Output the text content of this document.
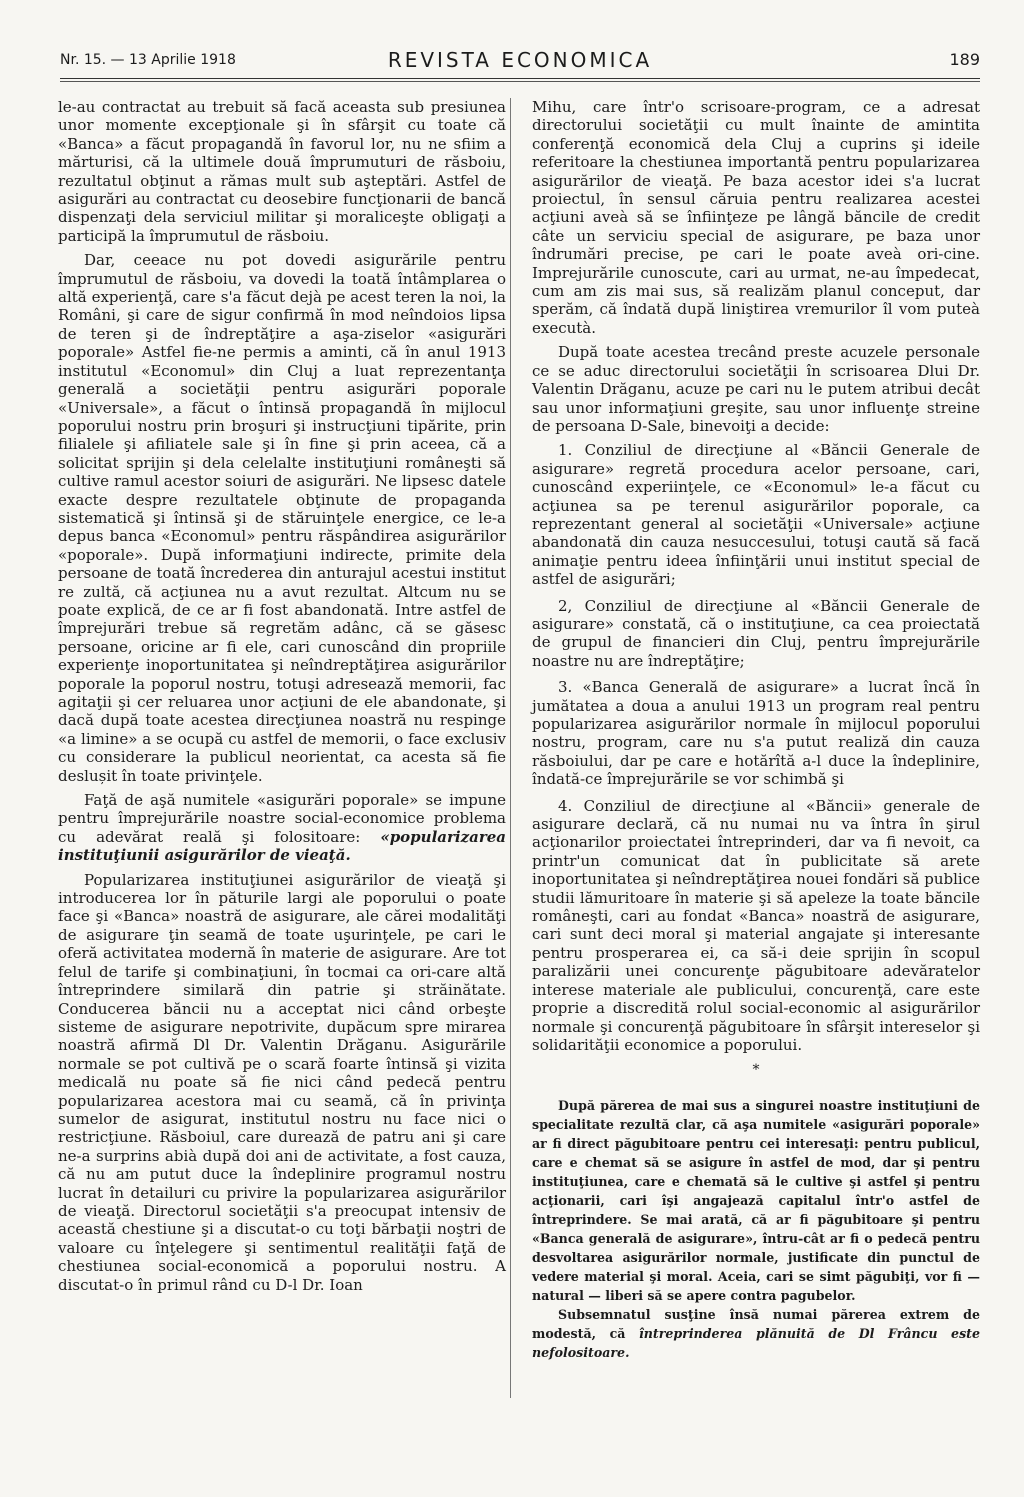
Nr. 15. — 13 Aprilie 1918	REVISTA ECONOMICA	189

le-au contractat au trebuit să facă aceasta sub presiunea unor momente excepţionale şi în sfârşit cu toate că «Banca» a făcut propagandă în favorul lor, nu ne sfiim a mărturisi, că la ultimele două împrumuturi de răsboiu, rezultatul obţinut a rămas mult sub aşteptări. Astfel de asigurări au contractat cu deosebire funcţionarii de bancă dispenzaţi dela serviciul militar şi moraliceşte obligaţi a participă la împrumutul de răsboiu.

Dar, ceeace nu pot dovedi asigurările pentru împrumutul de răsboiu, va dovedi la toată întâmplarea o altă experienţă, care s'a făcut dejà pe acest teren la noi, la Români, şi care de sigur confirmă în mod neîndoios lipsa de teren şi de îndreptăţire a aşa-ziselor «asigurări poporale» Astfel fie-ne permis a aminti, că în anul 1913 institutul «Economul» din Cluj a luat reprezentanţa generală a societăţii pentru asigurări poporale «Universale», a făcut o întinsă propagandă în mijlocul poporului nostru prin broşuri şi instrucţiuni tipărite, prin filialele şi afiliatele sale şi în fine şi prin aceea, că a solicitat sprijin şi dela celelalte instituţiuni româneşti să cultive ramul acestor soiuri de asigurări. Ne lipsesc datele exacte despre rezultatele obţinute de propaganda sistematică şi întinsă şi de stăruinţele energice, ce le-a depus banca «Economul» pentru răspândirea asigurărilor «poporale». După informaţiuni indirecte, primite dela persoane de toată încrederea din anturajul acestui institut re zultă, că acţiunea nu a avut rezultat. Altcum nu se poate explică, de ce ar fi fost abandonată. Intre astfel de împrejurări trebue să regretăm adânc, că se găsesc persoane, oricine ar fi ele, cari cunoscând din propriile experienţe inoportunitatea şi neîndreptăţirea asigurărilor poporale la poporul nostru, totuşi adresează memorii, fac agitaţii şi cer reluarea unor acţiuni de ele abandonate, şi dacă după toate acestea direcţiunea noastră nu respinge «a limine» a se ocupă cu astfel de memorii, o face exclusiv cu considerare la publicul neorientat, ca acesta să fie deslușit în toate privinţele.

Faţă de aşă numitele «asigurări poporale» se impune pentru împrejurările noastre social-economice problema cu adevărat reală şi folositoare: «popularizarea instituţiunii asigurărilor de vieaţă.

Popularizarea instituţiunei asigurărilor de vieaţă şi introducerea lor în păturile largi ale poporului o poate face şi «Banca» noastră de asigurare, ale cărei modalităţi de asigurare ţin seamă de toate uşurinţele, pe cari le oferă activitatea modernă în materie de asigurare. Are tot felul de tarife şi combinaţiuni, în tocmai ca ori-care altă întreprindere similară din patrie şi străinătate. Conducerea băncii nu a acceptat nici când orbeşte sisteme de asigurare nepotrivite, dupăcum spre mirarea noastră afirmă Dl Dr. Valentin Drăganu. Asigurările normale se pot cultivă pe o scară foarte întinsă şi vizita medicală nu poate să fie nici când pedecă pentru popularizarea acestora mai cu seamă, că în privinţa sumelor de asigurat, institutul nostru nu face nici o restricţiune. Răsboiul, care durează de patru ani şi care ne-a surprins abià după doi ani de activitate, a fost cauza, că nu am putut duce la îndeplinire programul nostru lucrat în detailuri cu privire la popularizarea asigurărilor de vieaţă. Directorul societăţii s'a preocupat intensiv de această chestiune şi a discutat-o cu toţi bărbaţii noştri de valoare cu înţelegere şi sentimentul realităţii faţă de chestiunea social-economică a poporului nostru. A discutat-o în primul rând cu D-l Dr. Ioan

Mihu, care într'o scrisoare-program, ce a adresat directorului societăţii cu mult înainte de amintita conferenţă economică dela Cluj a cuprins şi ideile referitoare la chestiunea importantă pentru popularizarea asigurărilor de vieaţă. Pe baza acestor idei s'a lucrat proiectul, în sensul căruia pentru realizarea acestei acţiuni aveà să se înfiinţeze pe lângă băncile de credit câte un serviciu special de asigurare, pe baza unor îndrumări precise, pe cari le poate aveà ori-cine. Imprejurările cunoscute, cari au urmat, ne-au împedecat, cum am zis mai sus, să realizăm planul conceput, dar sperăm, că îndată după liniştirea vremurilor îl vom puteà executà.

După toate acestea trecând preste acuzele personale ce se aduc directorului societăţii în scrisoarea Dlui Dr. Valentin Drăganu, acuze pe cari nu le putem atribui decât sau unor informaţiuni greşite, sau unor influenţe streine de persoana D-Sale, binevoiţi a decide:

1. Conziliul de direcţiune al «Băncii Generale de asigurare» regretă procedura acelor persoane, cari, cunoscând experiinţele, ce «Economul» le-a făcut cu acţiunea sa pe terenul asigurărilor poporale, ca reprezentant general al societăţii «Universale» acţiune abandonată din cauza nesuccesului, totuşi caută să facă animaţie pentru ideea înfiinţării unui institut special de astfel de asigurări;

2, Conziliul de direcţiune al «Băncii Generale de asigurare» constată, că o instituţiune, ca cea proiectată de grupul de financieri din Cluj, pentru împrejurările noastre nu are îndreptăţire;

3. «Banca Generală de asigurare» a lucrat încă în jumătatea a doua a anului 1913 un program real pentru popularizarea asigurărilor normale în mijlocul poporului nostru, program, care nu s'a putut realiză din cauza răsboiului, dar pe care e hotărîtă a-l duce la îndeplinire, îndată-ce împrejurările se vor schimbă şi

4. Conziliul de direcţiune al «Băncii» generale de asigurare declară, că nu numai nu va întra în şirul acţionarilor proiectatei întreprinderi, dar va fi nevoit, ca printr'un comunicat dat în publicitate să arete inoportunitatea şi neîndreptăţirea nouei fondări să publice studii lămuritoare în materie şi să apeleze la toate băncile româneşti, cari au fondat «Banca» noastră de asigurare, cari sunt deci moral şi material angajate şi interesante pentru prosperarea ei, ca să-i deie sprijin în scopul paralizării unei concurenţe păgubitoare adevăratelor interese materiale ale publicului, concurenţă, care este proprie a discredită rolul social-economic al asigurărilor normale şi concurenţă păgubitoare în sfârşit intereselor şi solidarităţii economice a poporului.

*

După părerea de mai sus a singurei noastre instituţiuni de specialitate rezultă clar, că aşa numitele «asigurări poporale» ar fi direct păgubitoare pentru cei interesaţi: pentru publicul, care e chemat să se asigure în astfel de mod, dar şi pentru instituţiunea, care e chemată să le cultive şi astfel şi pentru acţionarii, cari îşi angajează capitalul într'o astfel de întreprindere. Se mai arată, că ar fi păgubitoare şi pentru «Banca generală de asigurare», întru-cât ar fi o pedecă pentru desvoltarea asigurărilor normale, justificate din punctul de vedere material şi moral. Aceia, cari se simt păgubiţi, vor fi — natural — liberi să se apere contra pagubelor.

Subsemnatul susţine însă numai părerea extrem de modestă, că întreprinderea plănuită de Dl Frâncu este nefolositoare.
